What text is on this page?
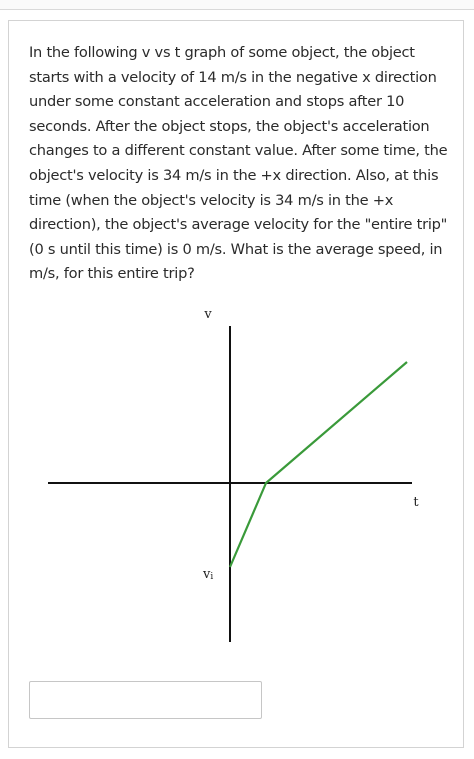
In the following v vs t graph of some object, the object starts with a velocity of 14 m/s in the negative x direction under some constant acceleration and stops after 10 seconds. After the object stops, the object's acceleration changes to a different constant value. After some time, the object's velocity is 34 m/s in the +x direction. Also, at this time (when the object's velocity is 34 m/s in the +x direction), the object's average velocity for the "entire trip" (0 s until this time) is 0 m/s. What is the average speed, in m/s, for this entire trip?

v
t
vi
